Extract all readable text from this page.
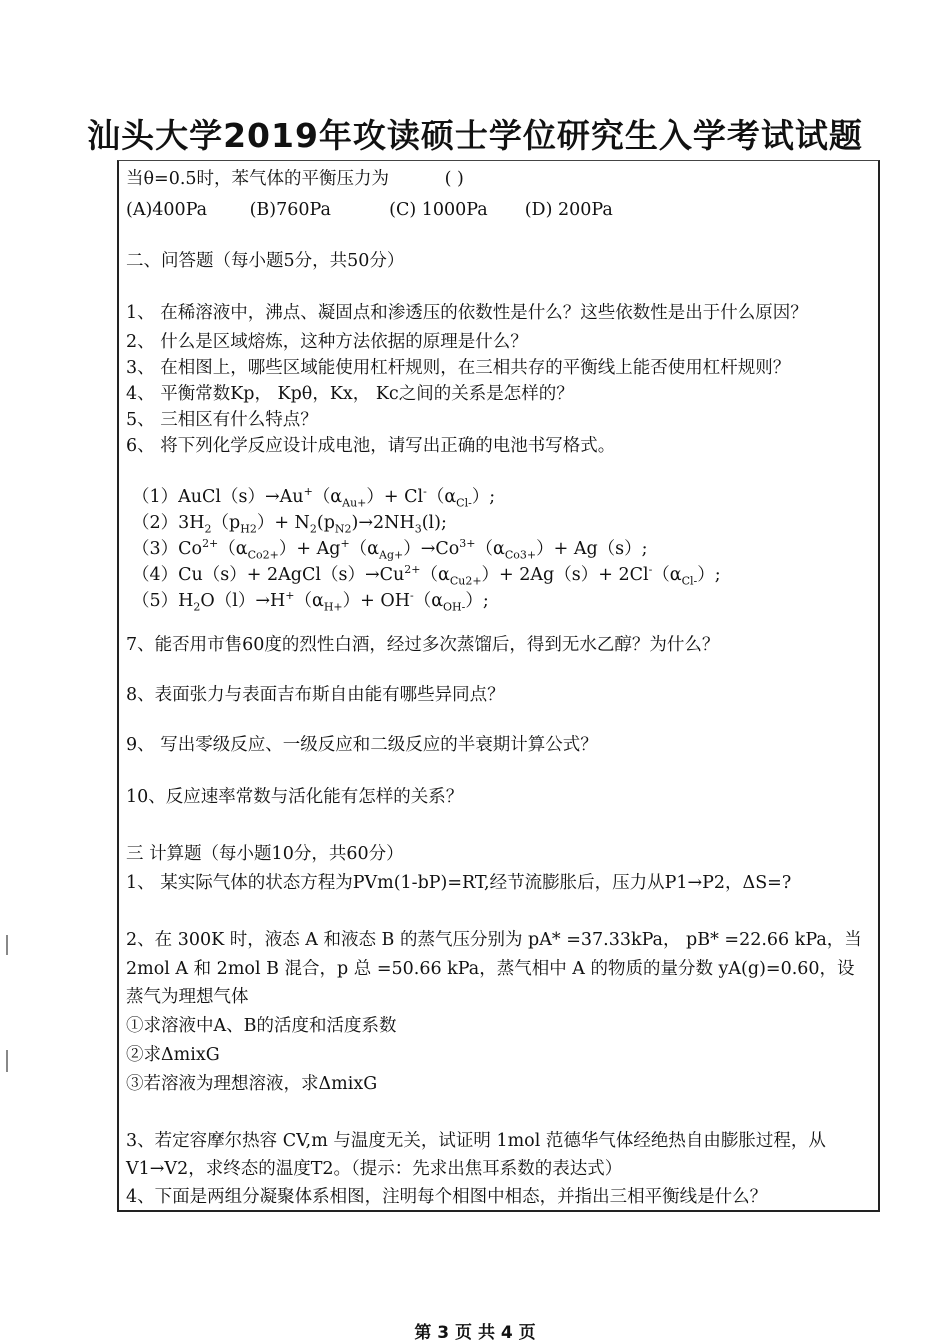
汕头大学2019年攻读硕士学位研究生入学考试试题
当θ=0.5时，苯气体的平衡压力为	( )
(A)400Pa (B)760Pa	(C) 1000Pa (D) 200Pa
二、问答题（每小题5分，共50分）
1、 在稀溶液中，沸点、凝固点和渗透压的依数性是什么？这些依数性是出于什么原因？
2、 什么是区域熔炼，这种方法依据的原理是什么？
3、 在相图上，哪些区域能使用杠杆规则，在三相共存的平衡线上能否使用杠杆规则？
4、 平衡常数Kp， Kpθ，Kx， Kc之间的关系是怎样的？
5、 三相区有什么特点？
6、 将下列化学反应设计成电池，请写出正确的电池书写格式。
$(1)AuCl(s)\to Au^+(\alpha_{Au+})+ Cl^-(\alpha_{Cl-})$;
$(2)3H_2(p_{H2})+ N_2(p_{N2})\to 2NH_3(l)$;
$(3)Co^{2+}(\alpha_{Co2+})+ Ag^+(\alpha_{Ag+})\to Co^{3+}(\alpha_{Co3+})+ Ag(s)$;
$(4)Cu(s)+ 2AgCl(s)\to Cu^{2+}(\alpha_{Cu2+})+ 2Ag(s)+ 2Cl^-(\alpha_{Cl-})$;
$(5)H_2O(l)\to H^+(\alpha_{H+})+ OH^-(\alpha_{OH-})$;
7、能否用市售60度的烈性白酒，经过多次蒸馏后，得到无水乙醇？为什么？
8、表面张力与表面吉布斯自由能有哪些异同点？
9、 写出零级反应、一级反应和二级反应的半衰期计算公式？
10、反应速率常数与活化能有怎样的关系？
三 计算题（每小题10分，共60分）
1、 某实际气体的状态方程为PVm(1-bP)=RT,经节流膨胀后，压力从P1→P2，ΔS=?
2、在 300K 时，液态 A 和液态 B 的蒸气压分别为 pA* =37.33kPa， pB* =22.66 kPa，当
2mol A 和 2mol B 混合，p 总 =50.66 kPa，蒸气相中 A 的物质的量分数 yA(g)=0.60，设
蒸气为理想气体
①求溶液中A、B的活度和活度系数
②求ΔmixG
③若溶液为理想溶液，求ΔmixG
3、若定容摩尔热容 CV,m 与温度无关，试证明 1mol 范德华气体经绝热自由膨胀过程，从
V1→V2，求终态的温度T2。（提示：先求出焦耳系数的表达式）
4、下面是两组分凝聚体系相图，注明每个相图中相态，并指出三相平衡线是什么？
第 3 页 共 4 页
